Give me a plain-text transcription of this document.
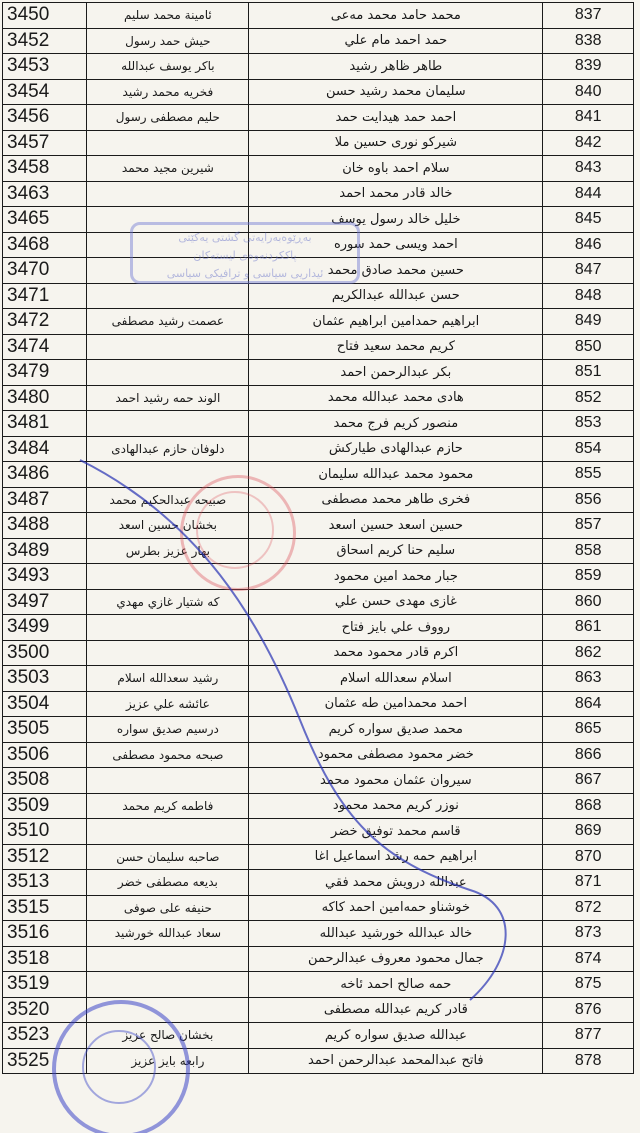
3450	ئامينة محمد سليم	محمد حامد محمد مەعى	837
3452	حيش حمد رسول	حمد احمد مام علي	838
3453	باكر يوسف عبدالله	طاهر ظاهر رشيد	839
3454	فخريه محمد رشيد	سليمان محمد رشيد حسن	840
3456	حليم مصطفى رسول	احمد حمد هيدايت حمد	841
3457		شيركو نورى حسين ملا	842
3458	شيرين مجيد محمد	سلام احمد باوه خان	843
3463		خالد قادر محمد احمد	844
3465		خليل خالد رسول يوسف	845
3468		احمد ويسى حمد سوره	846
3470		حسين محمد صادق محمد	847
3471		حسن عبدالله عبدالكريم	848
3472	عصمت رشيد مصطفى	ابراهيم حمدامين ابراهيم عثمان	849
3474		كريم محمد سعيد فتاح	850
3479		بكر عبدالرحمن احمد	851
3480	الوند حمه رشيد احمد	هادى محمد عبدالله محمد	852
3481		منصور كريم فرج محمد	853
3484	دلوفان حازم عبدالهادى	حازم عبدالهادى طياركش	854
3486		محمود محمد عبدالله سليمان	855
3487	صبيحه عبدالحكيم محمد	فخرى طاهر محمد مصطفى	856
3488	بخشان حسين اسعد	حسين اسعد حسين اسعد	857
3489	بهار عزيز بطرس	سليم حنا كريم اسحاق	858
3493		جبار محمد امين محمود	859
3497	كه شتيار غازي مهدي	غازى مهدى حسن علي	860
3499		رووف علي بايز فتاح	861
3500		اكرم قادر محمود محمد	862
3503	رشيد سعدالله اسلام	اسلام سعدالله اسلام	863
3504	عائشه علي عزيز	احمد محمدامين طه عثمان	864
3505	درسيم صديق سواره	محمد صديق سواره كريم	865
3506	صبحه محمود مصطفى	خضر محمود مصطفى محمود	866
3508		سيروان عثمان محمود محمد	867
3509	فاطمه كريم محمد	نوزر كريم محمد محمود	868
3510		قاسم محمد توفيق خضر	869
3512	صاحبه سليمان حسن	ابراهيم حمه رشد اسماعيل اغا	870
3513	بديعه مصطفى خضر	عبدالله درويش محمد فقي	871
3515	حنيفه على صوفى	خوشناو حمەامين احمد كاكه	872
3516	سعاد عبدالله خورشيد	خالد عبدالله خورشيد عبدالله	873
3518		جمال محمود معروف عبدالرحمن	874
3519		حمه صالح احمد ئاخه	875
3520		قادر كريم عبدالله مصطفى	876
3523	بخشان صالح عزيز	عبدالله صديق سواره كريم	877
3525	رابعه بايز عزيز	فاتح عبدالمحمد عبدالرحمن احمد	878
بەڕێوەبەرایەتی گشتی یەکێتی
پاککردنەوەی لیستەکان
ئیداریی سیاسی و ترافیکی سیاسی
